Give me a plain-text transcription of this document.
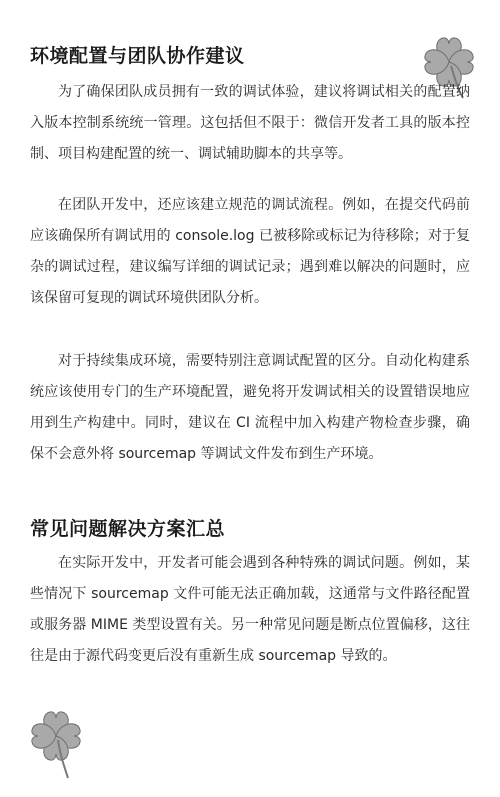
环境配置与团队协作建议

为了确保团队成员拥有一致的调试体验，建议将调试相关的配置纳入版本控制系统统一管理。这包括但不限于：微信开发者工具的版本控制、项目构建配置的统一、调试辅助脚本的共享等。

在团队开发中，还应该建立规范的调试流程。例如，在提交代码前应该确保所有调试用的 console.log 已被移除或标记为待移除；对于复杂的调试过程，建议编写详细的调试记录；遇到难以解决的问题时，应该保留可复现的调试环境供团队分析。

对于持续集成环境，需要特别注意调试配置的区分。自动化构建系统应该使用专门的生产环境配置，避免将开发调试相关的设置错误地应用到生产构建中。同时，建议在 CI 流程中加入构建产物检查步骤，确保不会意外将 sourcemap 等调试文件发布到生产环境。

常见问题解决方案汇总

在实际开发中，开发者可能会遇到各种特殊的调试问题。例如，某些情况下 sourcemap 文件可能无法正确加载，这通常与文件路径配置或服务器 MIME 类型设置有关。另一种常见问题是断点位置偏移，这往往是由于源代码变更后没有重新生成 sourcemap 导致的。
